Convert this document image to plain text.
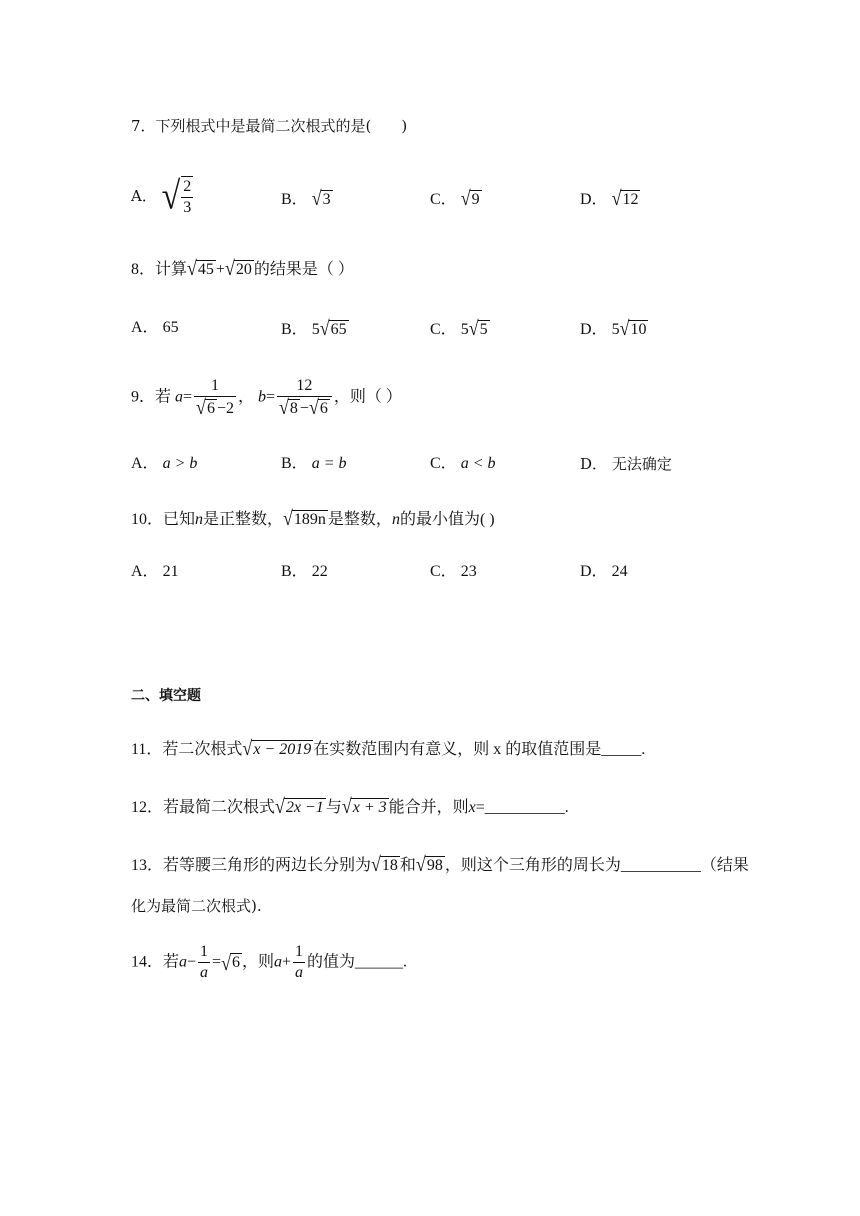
7．下列根式中是最简二次根式的是( )
A． √ $\frac{2}{3}$	B． √3	C． √9	D． √12
8．计算√45 +√20 的结果是（ ）
A． 65	B． 5√65	C． 5√5	D． 5√10
9．若 $a= \frac{1}{√6 -2}$ ， $b= \frac{12}{√8 -√6}$ ，则（ ）
A． a > b	B． a = b	C． a < b	D． 无法确定
10．已知n是正整数，√189n 是整数，n的最小值为( )
A． 21	B． 22	C． 23	D． 24
二、填空题
11．若二次根式√x − 2019 在实数范围内有意义，则 x 的取值范围是_____.
12．若最简二次根式√2x −1 与√x + 3 能合并，则x=__________.
13．若等腰三角形的两边长分别为√18 和√98 ，则这个三角形的周长为__________（结果
化为最简二次根式).
14．若$a- \frac{1}{a} =√6$ ，则$a+ \frac{1}{a}$ 的值为______.
